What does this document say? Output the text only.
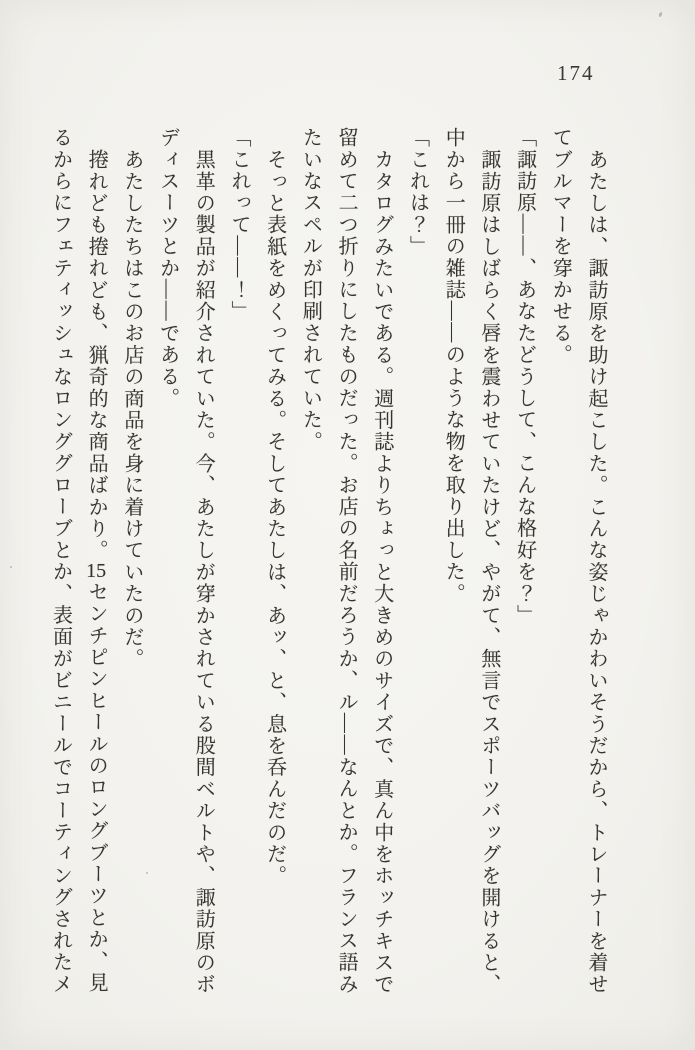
174

あたしは、諏訪原を助け起こした。こんな姿じゃかわいそうだから、トレーナーを着せてブルマーを穿かせる。

「諏訪原――、あなたどうして、こんな格好を？」

諏訪原はしばらく唇を震わせていたけど、やがて、無言でスポーツバッグを開けると、中から一冊の雑誌――のような物を取り出した。

「これは？」

カタログみたいである。週刊誌よりちょっと大きめのサイズで、真ん中をホッチキスで留めて二つ折りにしたものだった。お店の名前だろうか、ル――なんとか。フランス語みたいなスペルが印刷されていた。

そっと表紙をめくってみる。そしてあたしは、あッ、と、息を呑んだのだ。

「これって――！」

黒革の製品が紹介されていた。今、あたしが穿かされている股間ベルトや、諏訪原のボディスーツとか――である。

あたしたちはこのお店の商品を身に着けていたのだ。

捲れども捲れども、猟奇的な商品ばかり。15センチピンヒールのロングブーツとか、見るからにフェティッシュなロンググローブとか、表面がビニールでコーティングされたメ
